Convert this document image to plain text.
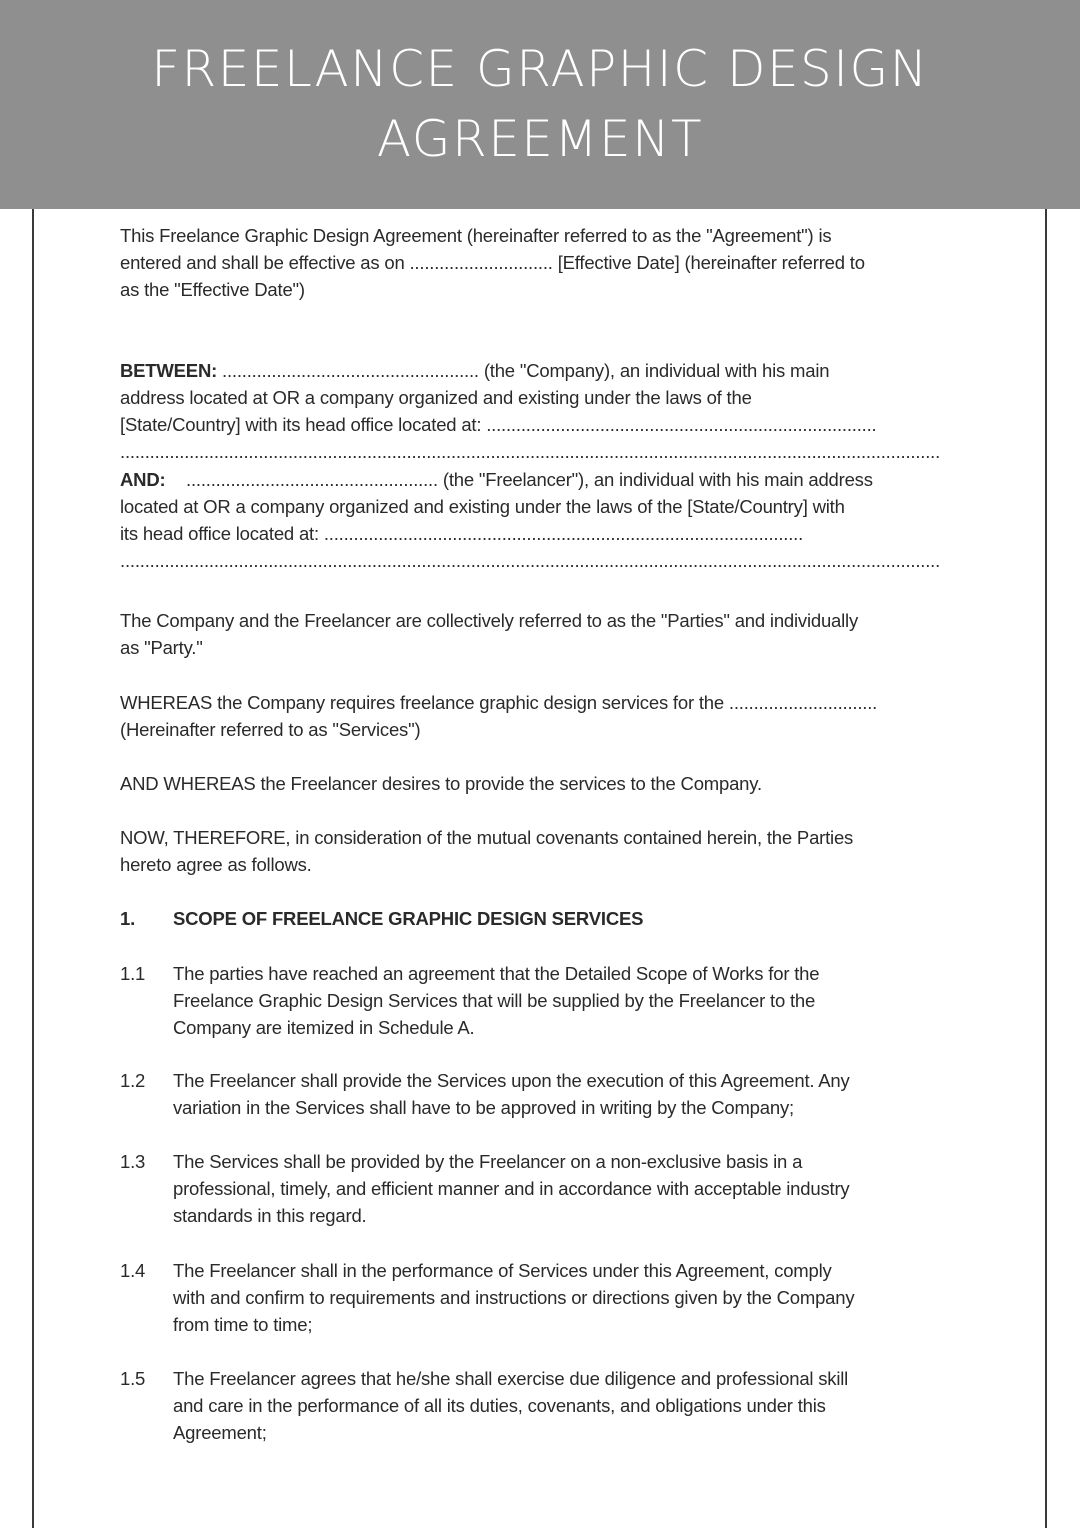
FREELANCE GRAPHIC DESIGN
AGREEMENT
This Freelance Graphic Design Agreement (hereinafter referred to as the "Agreement") is
entered and shall be effective as on ............................. [Effective Date] (hereinafter referred to
as the "Effective Date")
BETWEEN: .................................................... (the "Company), an individual with his main
address located at OR a company organized and existing under the laws of the
[State/Country] with its head office located at: ...............................................................................
......................................................................................................................................................................
AND: ................................................... (the "Freelancer"), an individual with his main address
located at OR a company organized and existing under the laws of the [State/Country] with
its head office located at: .................................................................................................
......................................................................................................................................................................
The Company and the Freelancer are collectively referred to as the "Parties" and individually
as "Party."
WHEREAS the Company requires freelance graphic design services for the ..............................
(Hereinafter referred to as "Services")
AND WHEREAS the Freelancer desires to provide the services to the Company.
NOW, THEREFORE, in consideration of the mutual covenants contained herein, the Parties
hereto agree as follows.
1. SCOPE OF FREELANCE GRAPHIC DESIGN SERVICES
1.1 The parties have reached an agreement that the Detailed Scope of Works for the
Freelance Graphic Design Services that will be supplied by the Freelancer to the
Company are itemized in Schedule A.
1.2 The Freelancer shall provide the Services upon the execution of this Agreement. Any
variation in the Services shall have to be approved in writing by the Company;
1.3 The Services shall be provided by the Freelancer on a non-exclusive basis in a
professional, timely, and efficient manner and in accordance with acceptable industry
standards in this regard.
1.4 The Freelancer shall in the performance of Services under this Agreement, comply
with and confirm to requirements and instructions or directions given by the Company
from time to time;
1.5 The Freelancer agrees that he/she shall exercise due diligence and professional skill
and care in the performance of all its duties, covenants, and obligations under this
Agreement;
